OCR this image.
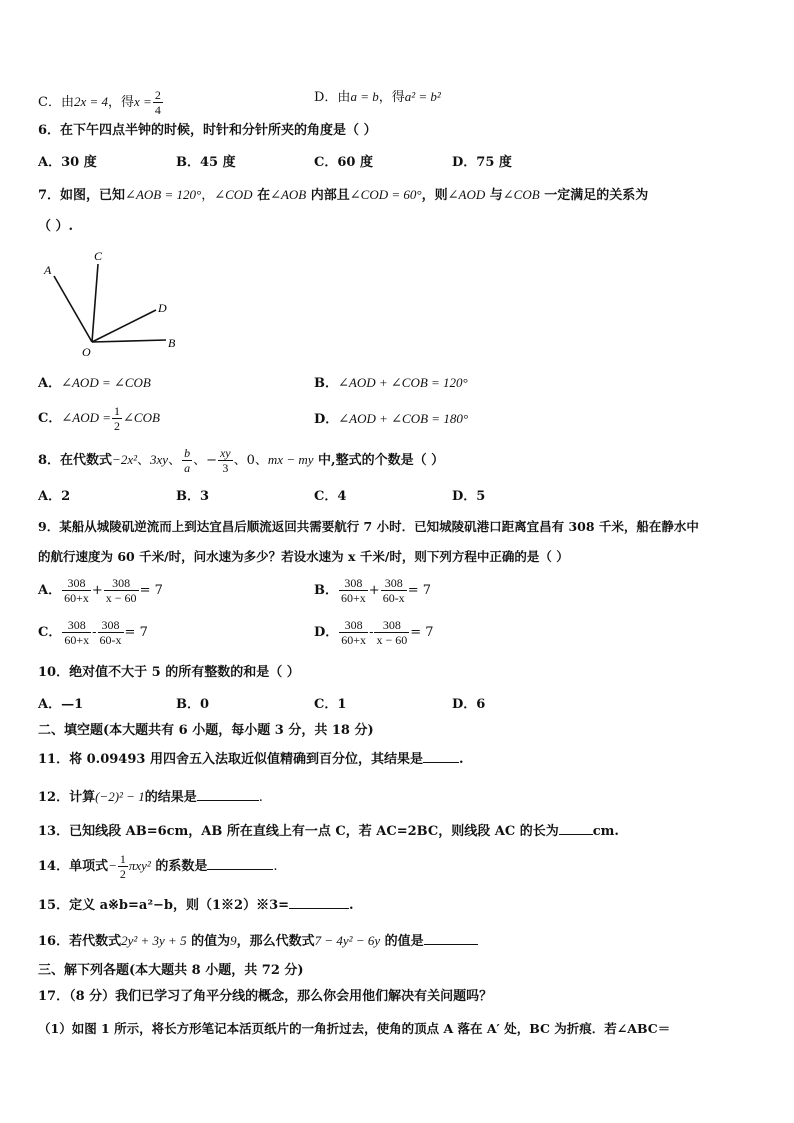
C．由2x = 4，得$x = \frac{2}{4}$	D．由a = b，得a² = b²
6．在下午四点半钟的时候，时针和分针所夹的角度是（ ）
A．30 度	B．45 度	C．60 度	D．75 度
7．如图，已知∠AOB = 120°，∠COD 在∠AOB 内部且∠COD = 60°，则∠AOD 与∠COB 一定满足的关系为
（ ）.
A
C
D
B
O
A．∠AOD = ∠COB	B．∠AOD + ∠COB = 120°
C．∠AOD = $\frac{1}{2}$ ∠COB	D．∠AOD + ∠COB = 180°
8．在代数式−2x²、3xy、 $\frac{b}{a}$ 、− $\frac{xy}{3}$ 、0、mx − my 中,整式的个数是（ ）
A．2	B．3	C．4	D．5
9．某船从城陵矶逆流而上到达宜昌后顺流返回共需要航行 7 小时．已知城陵矶港口距离宜昌有 308 千米，船在静水中
的航行速度为 60 千米/时，问水速为多少？若设水速为 x 千米/时，则下列方程中正确的是（ ）
A． $\frac{308}{60+x} + \frac{308}{x - 60} = 7$	B． $\frac{308}{60+x} + \frac{308}{60-x} = 7$
C． $\frac{308}{60+x} - \frac{308}{60-x} = 7$	D． $\frac{308}{60+x} - \frac{308}{x - 60} = 7$
10．绝对值不大于 5 的所有整数的和是（ ）
A．—1	B．0	C．1	D．6
二、填空题(本大题共有 6 小题，每小题 3 分，共 18 分)
11．将 0.09493 用四舍五入法取近似值精确到百分位，其结果是	.
12．计算(−2)² − 1的结果是	.
13．已知线段 AB=6cm，AB 所在直线上有一点 C，若 AC=2BC，则线段 AC 的长为	cm.
14．单项式− $\frac{1}{2} \pi xy^2$ 的系数是	.
15．定义 a※b=a²−b，则（1※2）※3=	.
16．若代数式2y² + 3y + 5 的值为9，那么代数式7 − 4y² − 6y 的值是
三、解下列各题(本大题共 8 小题，共 72 分)
17．（8 分）我们已学习了角平分线的概念，那么你会用他们解决有关问题吗？
（1）如图 1 所示，将长方形笔记本活页纸片的一角折过去，使角的顶点 A 落在 A′ 处，BC 为折痕．若∠ABC＝
